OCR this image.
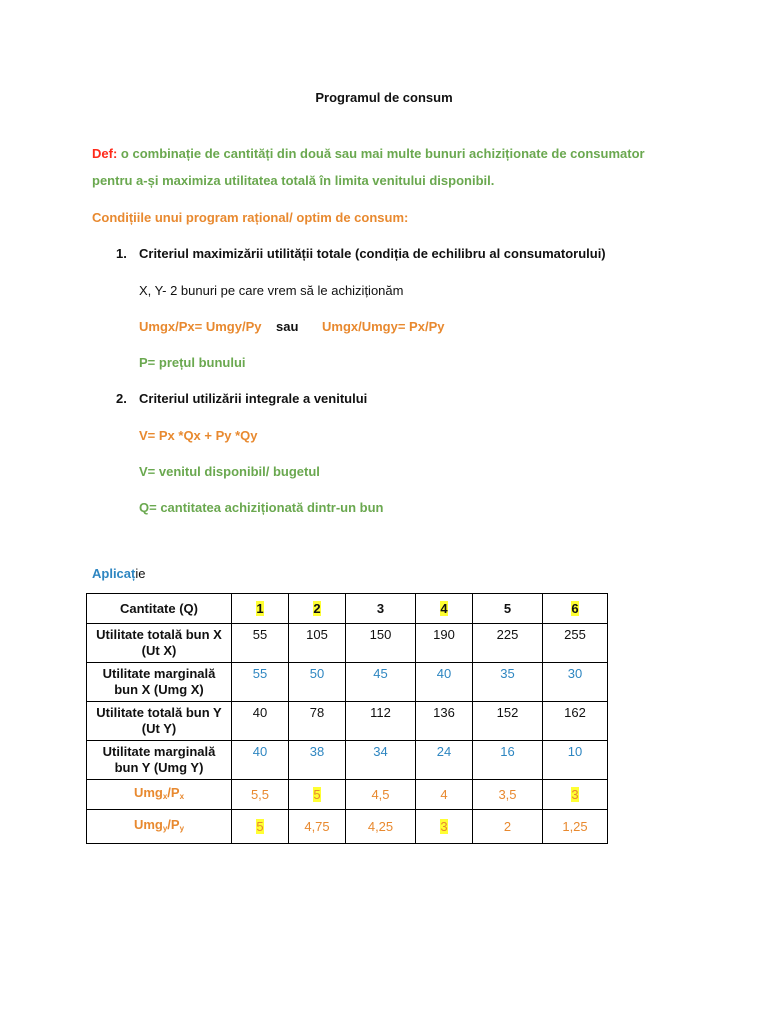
Programul de consum
Def: o combinație de cantități din două sau mai multe bunuri achiziționate de consumator
pentru a-și maximiza utilitatea totală în limita venitului disponibil.
Condițiile unui program rațional/ optim de consum:
1. Criteriul maximizării utilității totale (condiția de echilibru al consumatorului)
X, Y- 2 bunuri pe care vrem să le achiziționăm
Umgx/Px= Umgy/Py sau Umgx/Umgy= Px/Py
P= prețul bunului
2. Criteriul utilizării integrale a venitului
V= Px *Qx + Py *Qy
V= venitul disponibil/ bugetul
Q= cantitatea achiziționată dintr-un bun
Aplicație
Cantitate (Q)	1	2	3	4	5	6
Utilitate totală bun X (Ut X)	55	105	150	190	225	255
Utilitate marginală bun X (Umg X)	55	50	45	40	35	30
Utilitate totală bun Y (Ut Y)	40	78	112	136	152	162
Utilitate marginală bun Y (Umg Y)	40	38	34	24	16	10
$Umg_x/P_x$	5,5	5	4,5	4	3,5	3
$Umg_y/P_y$	5	4,75	4,25	3	2	1,25
